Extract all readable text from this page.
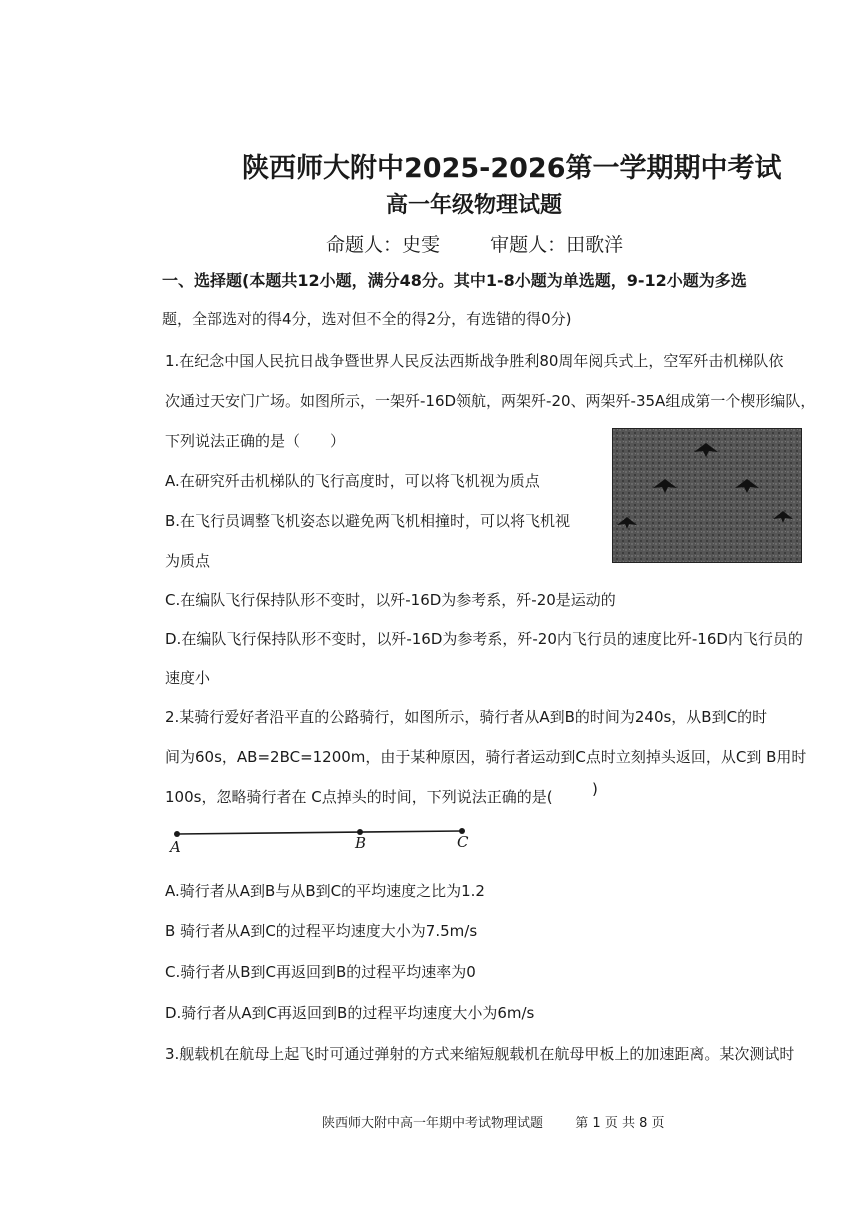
陕西师大附中2025-2026第一学期期中考试
高一年级物理试题
命题人：史雯	审题人：田歌洋
一、选择题(本题共12小题，满分48分。其中1-8小题为单选题，9-12小题为多选
题，全部选对的得4分，选对但不全的得2分，有选错的得0分)
1.在纪念中国人民抗日战争暨世界人民反法西斯战争胜利80周年阅兵式上，空军歼击机梯队依
次通过天安门广场。如图所示，一架歼-16D领航，两架歼-20、两架歼-35A组成第一个楔形编队，
下列说法正确的是（　　）
A.在研究歼击机梯队的飞行高度时，可以将飞机视为质点
B.在飞行员调整飞机姿态以避免两飞机相撞时，可以将飞机视
为质点
C.在编队飞行保持队形不变时，以歼-16D为参考系，歼-20是运动的
D.在编队飞行保持队形不变时，以歼-16D为参考系，歼-20内飞行员的速度比歼-16D内飞行员的
速度小
2.某骑行爱好者沿平直的公路骑行，如图所示，骑行者从A到B的时间为240s，从B到C的时
间为60s，AB=2BC=1200m，由于某种原因，骑行者运动到C点时立刻掉头返回，从C到 B用时
100s，忽略骑行者在 C点掉头的时间，下列说法正确的是(	)
A	B	C
A.骑行者从A到B与从B到C的平均速度之比为1.2
B 骑行者从A到C的过程平均速度大小为7.5m/s
C.骑行者从B到C再返回到B的过程平均速率为0
D.骑行者从A到C再返回到B的过程平均速度大小为6m/s
3.舰载机在航母上起飞时可通过弹射的方式来缩短舰载机在航母甲板上的加速距离。某次测试时
陕西师大附中高一年期中考试物理试题 第 1 页 共 8 页
